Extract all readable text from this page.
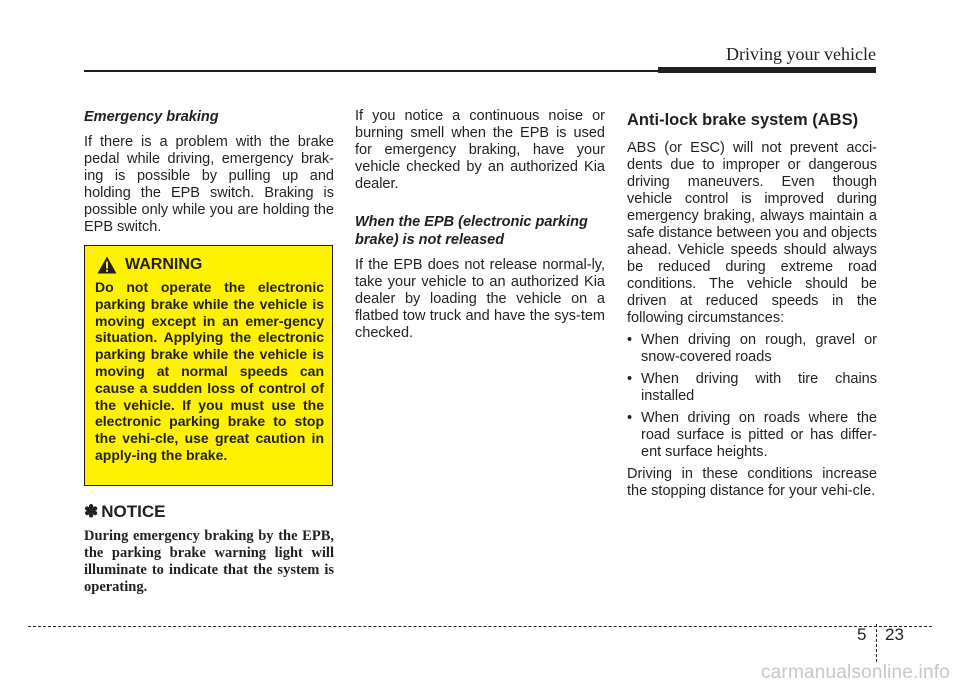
Driving your vehicle
Emergency braking
If there is a problem with the brake pedal while driving, emergency brak-ing is possible by pulling up and holding the EPB switch. Braking is possible only while you are holding the EPB switch.
WARNING
Do not operate the electronic parking brake while the vehicle is moving except in an emer-gency situation. Applying the electronic parking brake while the vehicle is moving at normal speeds can cause a sudden loss of control of the vehicle. If you must use the electronic parking brake to stop the vehi-cle, use great caution in apply-ing the brake.
✽ NOTICE
During emergency braking by the EPB, the parking brake warning light will illuminate to indicate that the system is operating.
If you notice a continuous noise or burning smell when the EPB is used for emergency braking, have your vehicle checked by an authorized Kia dealer.
When the EPB (electronic parking brake) is not released
If the EPB does not release normal-ly, take your vehicle to an authorized Kia dealer by loading the vehicle on a flatbed tow truck and have the sys-tem checked.
Anti-lock brake system (ABS)
ABS (or ESC) will not prevent acci-dents due to improper or dangerous driving maneuvers. Even though vehicle control is improved during emergency braking, always maintain a safe distance between you and objects ahead. Vehicle speeds should always be reduced during extreme road conditions. The vehicle should be driven at reduced speeds in the following circumstances:
• When driving on rough, gravel or snow-covered roads
• When driving with tire chains installed
• When driving on roads where the road surface is pitted or has differ-ent surface heights.
Driving in these conditions increase the stopping distance for your vehi-cle.
5 23
carmanualsonline.info
